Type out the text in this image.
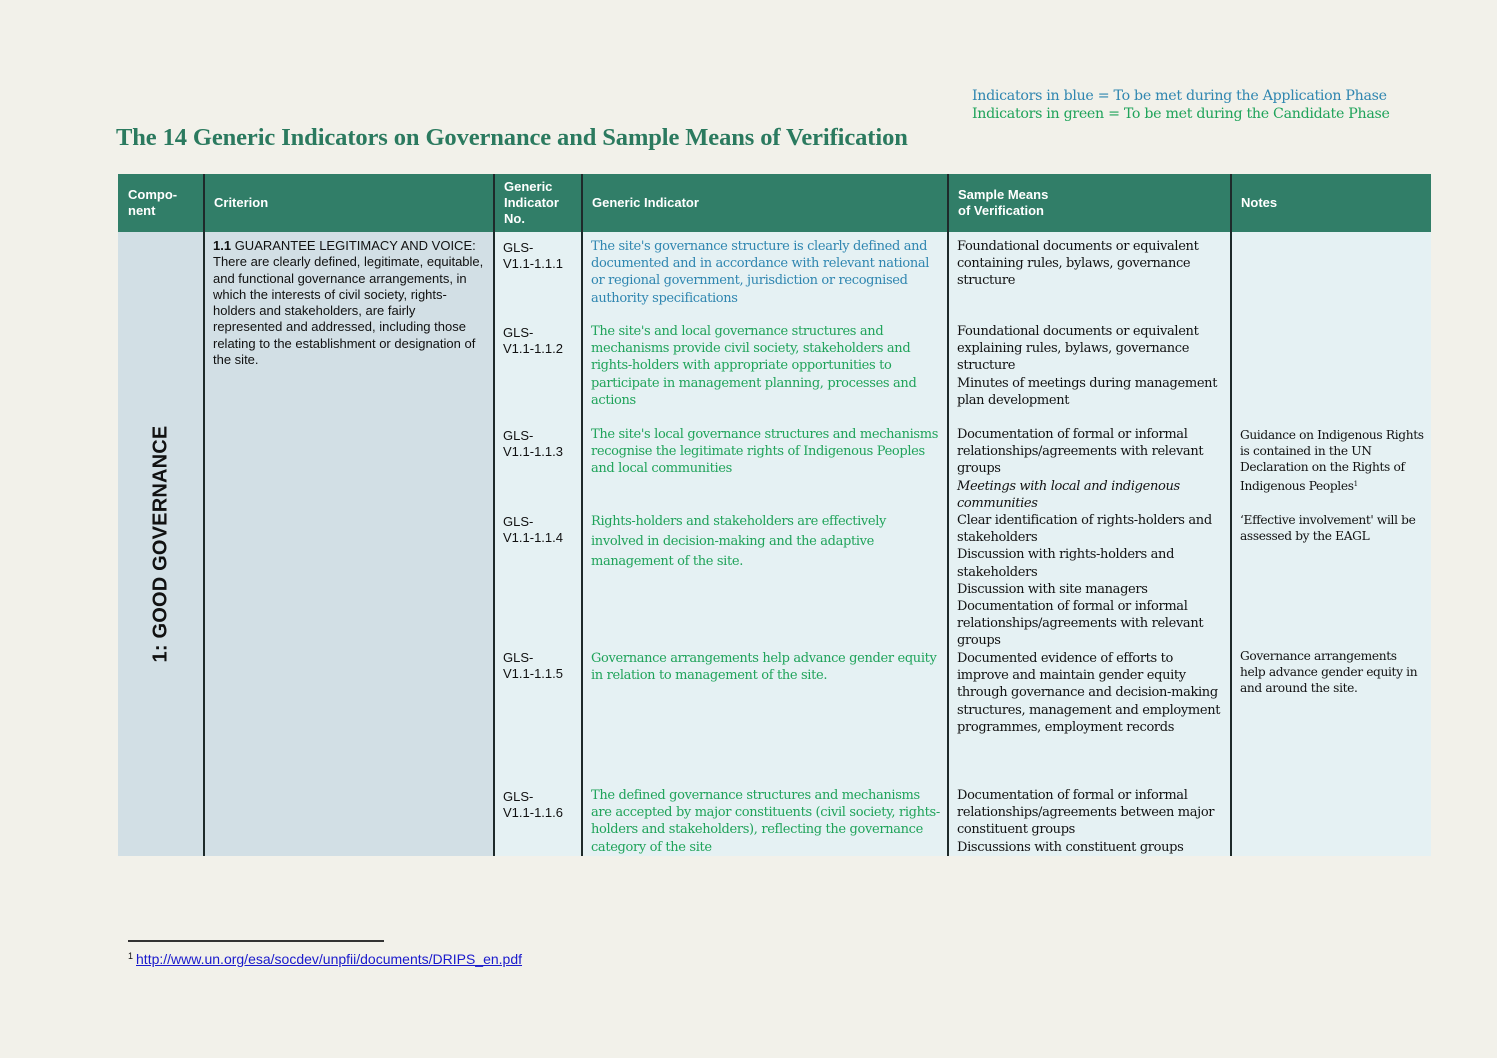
Indicators in blue = To be met during the Application Phase
Indicators in green = To be met during the Candidate Phase
The 14 Generic Indicators on Governance and Sample Means of Verification
Compo-
nent
Criterion
Generic
Indicator
No.
Generic Indicator
Sample Means
of Verification
Notes
1: GOOD GOVERNANCE
1.1 GUARANTEE LEGITIMACY AND VOICE: There are clearly defined, legitimate, equitable, and functional governance arrangements, in which the interests of civil society, rights-holders and stakeholders, are fairly represented and addressed, including those relating to the establishment or designation of the site.
GLS-
V1.1-1.1.1
The site's governance structure is clearly defined and documented and in accordance with relevant national or regional government, jurisdiction or recognised authority specifications
Foundational documents or equivalent containing rules, bylaws, governance structure
GLS-
V1.1-1.1.2
The site's and local governance structures and mechanisms provide civil society, stakeholders and rights-holders with appropriate opportunities to participate in management planning, processes and actions
Foundational documents or equivalent explaining rules, bylaws, governance structure
Minutes of meetings during management plan development
GLS-
V1.1-1.1.3
The site's local governance structures and mechanisms recognise the legitimate rights of Indigenous Peoples and local communities
Documentation of formal or informal relationships/agreements with relevant groups
Meetings with local and indigenous communities
Guidance on Indigenous Rights is contained in the UN Declaration on the Rights of Indigenous Peoples$^1$
GLS-
V1.1-1.1.4
Rights-holders and stakeholders are effectively involved in decision-making and the adaptive management of the site.
Clear identification of rights-holders and stakeholders
Discussion with rights-holders and stakeholders
Discussion with site managers
Documentation of formal or informal relationships/agreements with relevant groups
‘Effective involvement' will be assessed by the EAGL
GLS-
V1.1-1.1.5
Governance arrangements help advance gender equity in relation to management of the site.
Documented evidence of efforts to improve and maintain gender equity through governance and decision-making structures, management and employment programmes, employment records
Governance arrangements help advance gender equity in and around the site.
GLS-
V1.1-1.1.6
The defined governance structures and mechanisms are accepted by major constituents (civil society, rights-holders and stakeholders), reflecting the governance category of the site
Documentation of formal or informal relationships/agreements between major constituent groups
Discussions with constituent groups
$^1$ http://www.un.org/esa/socdev/unpfii/documents/DRIPS_en.pdf
